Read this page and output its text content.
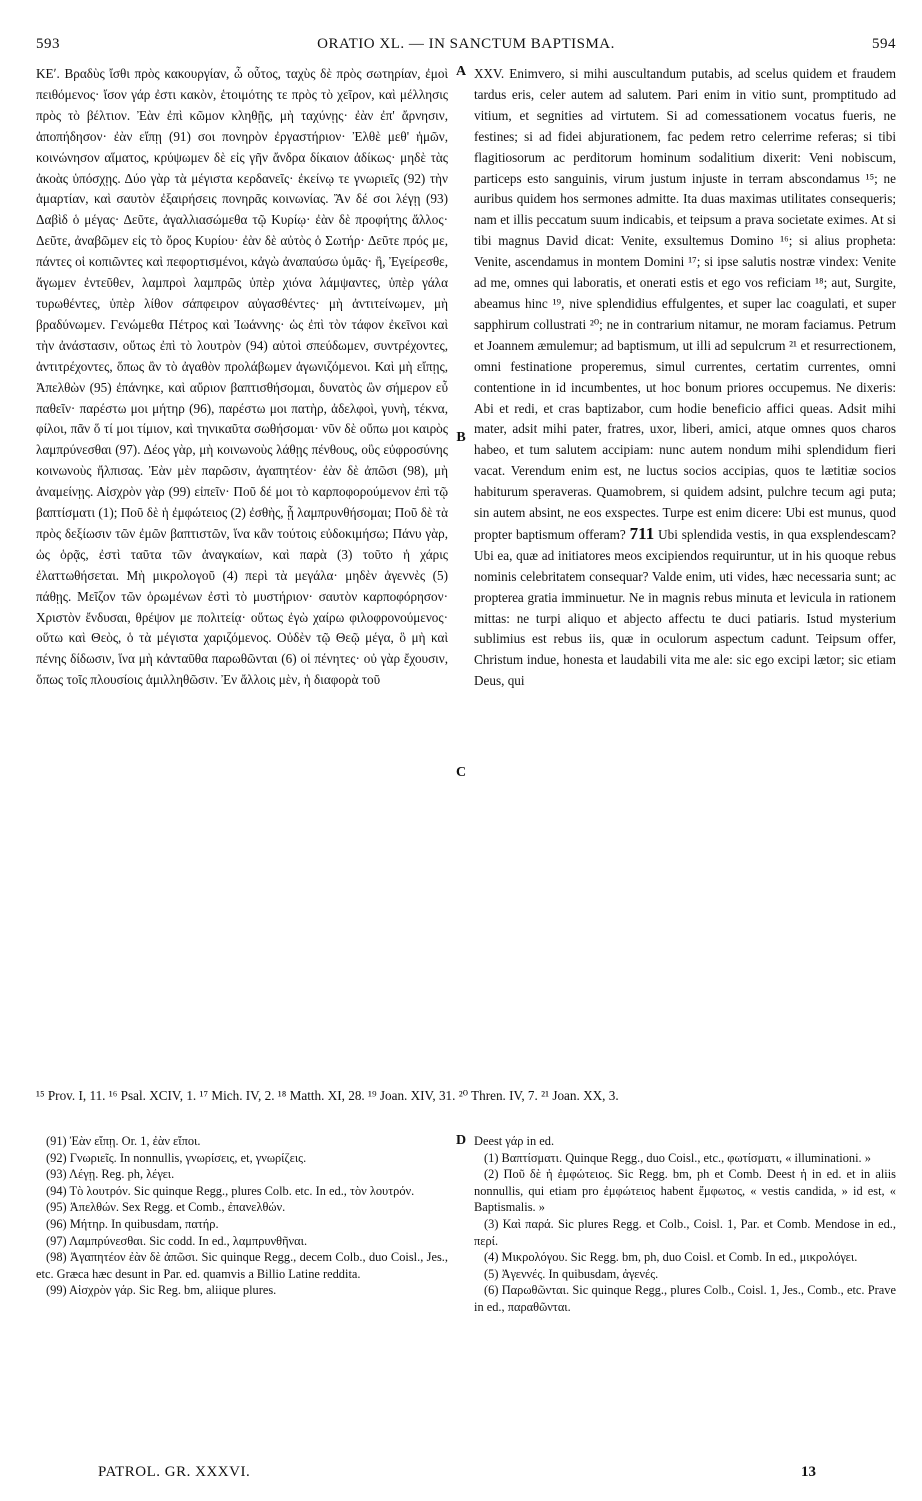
593	ORATIO XL. — IN SANCTUM BAPTISMA.	594

ΚΕʹ. Βραδὺς ἴσθι πρὸς κακουργίαν, ὦ οὗτος, ταχὺς δὲ πρὸς σωτηρίαν, ἐμοὶ πειθόμενος· ἴσον γάρ ἐστι κακὸν, ἑτοιμότης τε πρὸς τὸ χεῖρον, καὶ μέλλησις πρὸς τὸ βέλτιον. Ἐὰν ἐπὶ κῶμον κληθῇς, μὴ ταχύνῃς· ἐὰν ἐπ' ἄρνησιν, ἀποπήδησον· ἐὰν εἴπῃ (91) σοι πονηρὸν ἐργαστήριον· Ἐλθὲ μεθ' ἡμῶν, κοινώνησον αἵματος, κρύψωμεν δὲ εἰς γῆν ἄνδρα δίκαιον ἀδίκως· μηδὲ τὰς ἀκοὰς ὑπόσχῃς. Δύο γὰρ τὰ μέγιστα κερδανεῖς· ἐκείνῳ τε γνωριεῖς (92) τὴν ἁμαρτίαν, καὶ σαυτὸν ἐξαιρήσεις πονηρᾶς κοινωνίας. Ἂν δέ σοι λέγῃ (93) Δαβὶδ ὁ μέγας· Δεῦτε, ἀγαλλιασώμεθα τῷ Κυρίῳ· ἐὰν δὲ προφήτης ἄλλος· Δεῦτε, ἀναβῶμεν εἰς τὸ ὄρος Κυρίου· ἐὰν δὲ αὐτὸς ὁ Σωτήρ· Δεῦτε πρός με, πάντες οἱ κοπιῶντες καὶ πεφορτισμένοι, κἀγὼ ἀναπαύσω ὑμᾶς· ἢ, Ἐγείρεσθε, ἄγωμεν ἐντεῦθεν, λαμπροὶ λαμπρῶς ὑπὲρ χιόνα λάμψαντες, ὑπὲρ γάλα τυρωθέντες, ὑπὲρ λίθον σάπφειρον αὐγασθέντες· μὴ ἀντιτείνωμεν, μὴ βραδύνωμεν. Γενώμεθα Πέτρος καὶ Ἰωάννης· ὡς ἐπὶ τὸν τάφον ἐκεῖνοι καὶ τὴν ἀνάστασιν, οὕτως ἐπὶ τὸ λουτρὸν (94) αὐτοὶ σπεύδωμεν, συντρέχοντες, ἀντιτρέχοντες, ὅπως ἂν τὸ ἀγαθὸν προλάβωμεν ἀγωνιζόμενοι. Καὶ μὴ εἴπῃς, Ἀπελθὼν (95) ἐπάνηκε, καὶ αὔριον βαπτισθήσομαι, δυνατὸς ὢν σήμερον εὖ παθεῖν· παρέστω μοι μήτηρ (96), παρέστω μοι πατὴρ, ἀδελφοὶ, γυνὴ, τέκνα, φίλοι, πᾶν ὅ τί μοι τίμιον, καὶ τηνικαῦτα σωθήσομαι· νῦν δὲ οὔπω μοι καιρὸς λαμπρύνεσθαι (97). Δέος γὰρ, μὴ κοινωνοὺς λάθῃς πένθους, οὓς εὐφροσύνης κοινωνοὺς ἤλπισας. Ἐὰν μὲν παρῶσιν, ἀγαπητέον· ἐὰν δὲ ἀπῶσι (98), μὴ ἀναμείνῃς. Αἰσχρὸν γὰρ (99) εἰπεῖν· Ποῦ δέ μοι τὸ καρποφορούμενον ἐπὶ τῷ βαπτίσματι (1); Ποῦ δὲ ἡ ἐμφώτειος (2) ἐσθὴς, ᾗ λαμπρυνθήσομαι; Ποῦ δὲ τὰ πρὸς δεξίωσιν τῶν ἐμῶν βαπτιστῶν, ἵνα κἂν τούτοις εὐδοκιμήσω; Πάνυ γὰρ, ὡς ὁρᾷς, ἐστὶ ταῦτα τῶν ἀναγκαίων, καὶ παρὰ (3) τοῦτο ἡ χάρις ἐλαττωθήσεται. Μὴ μικρολογοῦ (4) περὶ τὰ μεγάλα· μηδὲν ἀγεννὲς (5) πάθῃς. Μεῖζον τῶν ὁρωμένων ἐστὶ τὸ μυστήριον· σαυτὸν καρποφόρησον· Χριστὸν ἔνδυσαι, θρέψον με πολιτείᾳ· οὕτως ἐγὼ χαίρω φιλοφρονούμενος· οὕτω καὶ Θεὸς, ὁ τὰ μέγιστα χαριζόμενος. Οὐδὲν τῷ Θεῷ μέγα, ὃ μὴ καὶ πένης δίδωσιν, ἵνα μὴ κἀνταῦθα παρωθῶνται (6) οἱ πένητες· οὐ γὰρ ἔχουσιν, ὅπως τοῖς πλουσίοις ἁμιλληθῶσιν. Ἐν ἄλλοις μὲν, ἡ διαφορὰ τοῦ

A
B
C
D

XXV. Enimvero, si mihi auscultandum putabis, ad scelus quidem et fraudem tardus eris, celer autem ad salutem. Pari enim in vitio sunt, promptitudo ad vitium, et segnities ad virtutem. Si ad comessationem vocatus fueris, ne festines; si ad fidei abjurationem, fac pedem retro celerrime referas; si tibi flagitiosorum ac perditorum hominum sodalitium dixerit: Veni nobiscum, particeps esto sanguinis, virum justum injuste in terram abscondamus ¹⁵; ne auribus quidem hos sermones admitte. Ita duas maximas utilitates consequeris; nam et illis peccatum suum indicabis, et teipsum a prava societate eximes. At si tibi magnus David dicat: Venite, exsultemus Domino ¹⁶; si alius propheta: Venite, ascendamus in montem Domini ¹⁷; si ipse salutis nostræ vindex: Venite ad me, omnes qui laboratis, et onerati estis et ego vos reficiam ¹⁸; aut, Surgite, abeamus hinc ¹⁹, nive splendidius effulgentes, et super lac coagulati, et super sapphirum collustrati ²⁰; ne in contrarium nitamur, ne moram faciamus. Petrum et Joannem æmulemur; ad baptismum, ut illi ad sepulcrum ²¹ et resurrectionem, omni festinatione properemus, simul currentes, certatim currentes, omni contentione in id incumbentes, ut hoc bonum priores occupemus. Ne dixeris: Abi et redi, et cras baptizabor, cum hodie beneficio affici queas. Adsit mihi mater, adsit mihi pater, fratres, uxor, liberi, amici, atque omnes quos charos habeo, et tum salutem accipiam: nunc autem nondum mihi splendidum fieri vacat. Verendum enim est, ne luctus socios accipias, quos te lætitiæ socios habiturum speraveras. Quamobrem, si quidem adsint, pulchre tecum agi puta; sin autem absint, ne eos exspectes. Turpe est enim dicere: Ubi est munus, quod propter baptismum offeram? 711 Ubi splendida vestis, in qua exsplendescam? Ubi ea, quæ ad initiatores meos excipiendos requiruntur, ut in his quoque rebus nominis celebritatem consequar? Valde enim, uti vides, hæc necessaria sunt; ac propterea gratia imminuetur. Ne in magnis rebus minuta et levicula in rationem mittas: ne turpi aliquo et abjecto affectu te duci patiaris. Istud mysterium sublimius est rebus iis, quæ in oculorum aspectum cadunt. Teipsum offer, Christum indue, honesta et laudabili vita me ale: sic ego excipi lætor; sic etiam Deus, qui

¹⁵ Prov. I, 11. ¹⁶ Psal. XCIV, 1. ¹⁷ Mich. IV, 2. ¹⁸ Matth. XI, 28. ¹⁹ Joan. XIV, 31. ²⁰ Thren. IV, 7. ²¹ Joan. XX, 3.

(91) Ἐὰν εἴπῃ. Or. 1, ἐὰν εἴποι.

(92) Γνωριεῖς. In nonnullis, γνωρίσεις, et, γνωρίζεις.

(93) Λέγῃ. Reg. ph, λέγει.

(94) Τὸ λουτρόν. Sic quinque Regg., plures Colb. etc. In ed., τὸν λουτρόν.

(95) Ἀπελθών. Sex Regg. et Comb., ἐπανελθών.

(96) Μήτηρ. In quibusdam, πατήρ.

(97) Λαμπρύνεσθαι. Sic codd. In ed., λαμπρυνθῆναι.

(98) Ἀγαπητέον ἐὰν δὲ ἀπῶσι. Sic quinque Regg., decem Colb., duo Coisl., Jes., etc. Græca hæc desunt in Par. ed. quamvis a Billio Latine reddita.

(99) Αἰσχρὸν γάρ. Sic Reg. bm, aliique plures.

Deest γάρ in ed.

(1) Βαπτίσματι. Quinque Regg., duo Coisl., etc., φωτίσματι, « illuminationi. »

(2) Ποῦ δὲ ἡ ἐμφώτειος. Sic Regg. bm, ph et Comb. Deest ἡ in ed. et in aliis nonnullis, qui etiam pro ἐμφώτειος habent ἔμφωτος, « vestis candida, » id est, « Baptismalis. »

(3) Καὶ παρά. Sic plures Regg. et Colb., Coisl. 1, Par. et Comb. Mendose in ed., περί.

(4) Μικρολόγου. Sic Regg. bm, ph, duo Coisl. et Comb. In ed., μικρολόγει.

(5) Ἀγεννές. In quibusdam, ἀγενές.

(6) Παρωθῶνται. Sic quinque Regg., plures Colb., Coisl. 1, Jes., Comb., etc. Prave in ed., παραθῶνται.

PATROL. GR. XXXVI.	13
